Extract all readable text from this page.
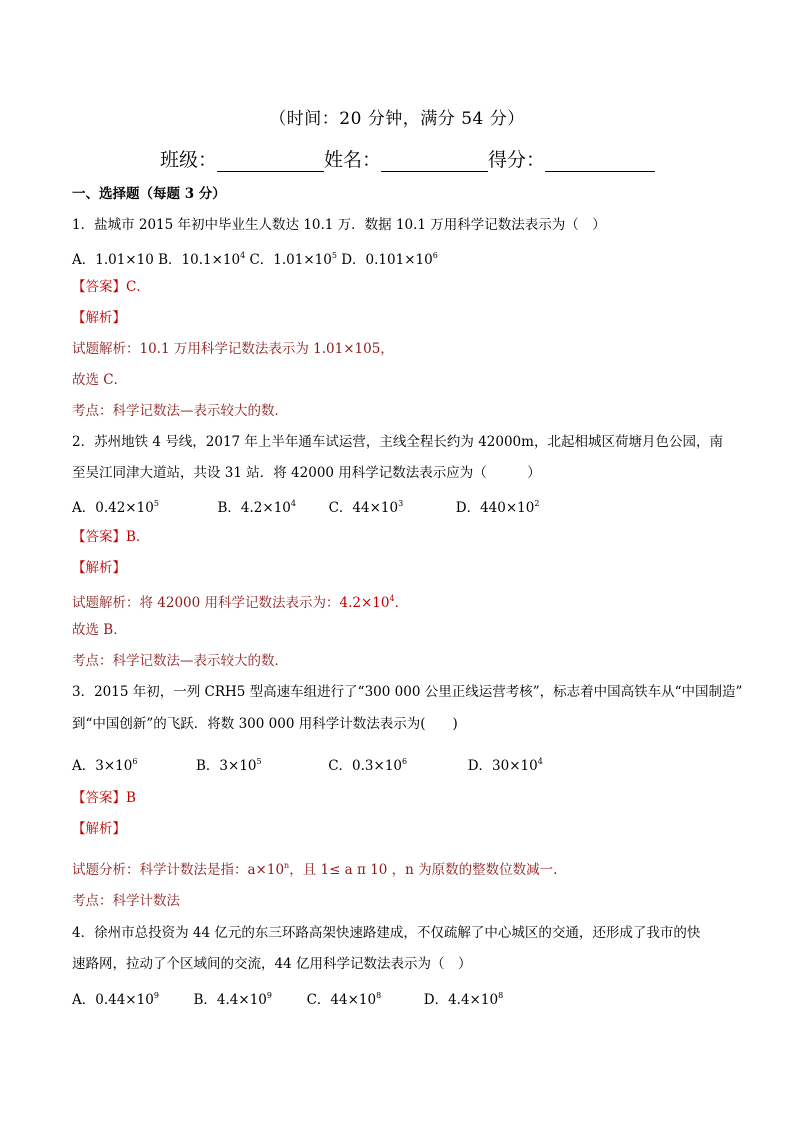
（时间：20 分钟，满分 54 分）
班级：	姓名：	得分：
一、选择题（每题 3 分）
1．盐城市 2015 年初中毕业生人数达 10.1 万．数据 10.1 万用科学记数法表示为（　）
A．1.01×10 B．$10.1\times 10^4$ C．$1.01\times 10^5$ D．$0.101\times 10^6$
【答案】C．
【解析】
试题解析：10.1 万用科学记数法表示为 1.01×105，
故选 C．
考点：科学记数法—表示较大的数．
2．苏州地铁 4 号线，2017 年上半年通车试运营，主线全程长约为 42000m，北起相城区荷塘月色公园，南
至吴江同津大道站，共设 31 站．将 42000 用科学记数法表示应为（　　　）
A．$0.42\times 10^5$	B．$4.2\times 10^4$ C．$44\times 10^3$	D．$440\times 10^2$
【答案】B．
【解析】
试题解析：将 42000 用科学记数法表示为：$4.2\times 10^4$．
故选 B．
考点：科学记数法—表示较大的数．
3．2015 年初，一列 CRH5 型高速车组进行了“300 000 公里正线运营考核”，标志着中国高铁车从“中国制造”
到“中国创新”的飞跃．将数 300 000 用科学计数法表示为(　　)
A．$3\times 10^6$	B．$3\times 10^5$	C．$0.3\times 10^6$	D．$30\times 10^4$
【答案】B
【解析】
试题分析：科学计数法是指：$a\times 10^n$，且 1≤ a π 10 ，n 为原数的整数位数减一.
考点：科学计数法
4．徐州市总投资为 44 亿元的东三环路高架快速路建成，不仅疏解了中心城区的交通，还形成了我市的快
速路网，拉动了个区域间的交流，44 亿用科学记数法表示为（　）
A．$0.44\times 10^9$	B．$4.4\times 10^9$	C．$44\times 10^8$	D．$4.4\times 10^8$
